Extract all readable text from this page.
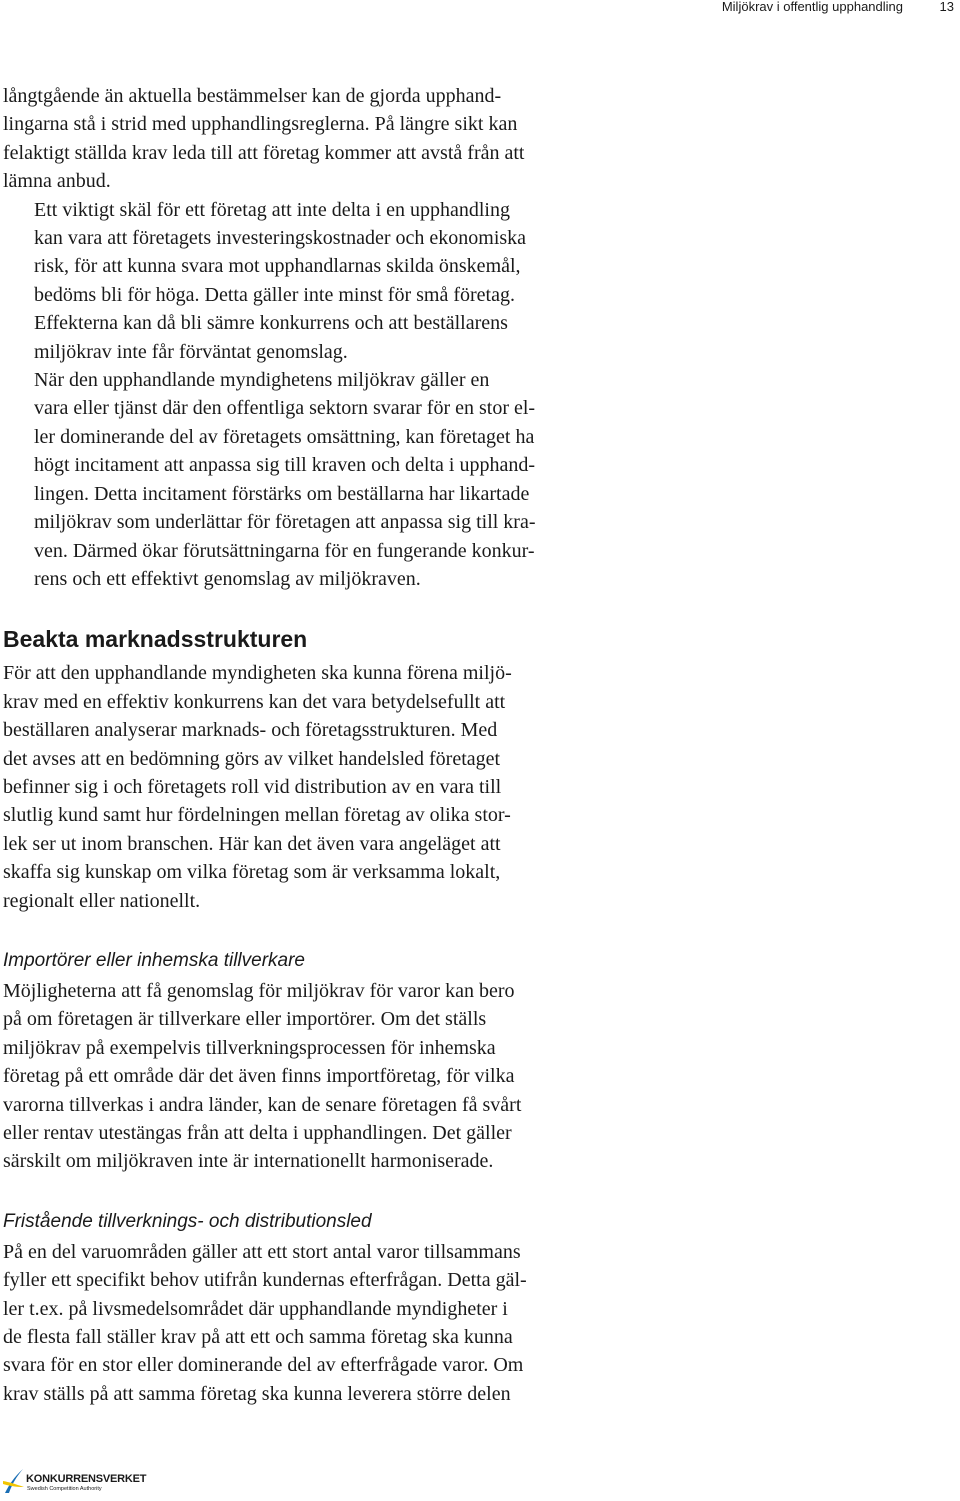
Miljökrav i offentlig upphandling	13

långtgående än aktuella bestämmelser kan de gjorda upphand-
lingarna stå i strid med upphandlingsreglerna. På längre sikt kan
felaktigt ställda krav leda till att företag kommer att avstå från att
lämna anbud.

Ett viktigt skäl för ett företag att inte delta i en upphandling
kan vara att företagets investeringskostnader och ekonomiska
risk, för att kunna svara mot upphandlarnas skilda önskemål,
bedöms bli för höga. Detta gäller inte minst för små företag.
Effekterna kan då bli sämre konkurrens och att beställarens
miljökrav inte får förväntat genomslag.

När den upphandlande myndighetens miljökrav gäller en
vara eller tjänst där den offentliga sektorn svarar för en stor el-
ler dominerande del av företagets omsättning, kan företaget ha
högt incitament att anpassa sig till kraven och delta i upphand-
lingen. Detta incitament förstärks om beställarna har likartade
miljökrav som underlättar för företagen att anpassa sig till kra-
ven. Därmed ökar förutsättningarna för en fungerande konkur-
rens och ett effektivt genomslag av miljökraven.

Beakta marknadsstrukturen

För att den upphandlande myndigheten ska kunna förena miljö-
krav med en effektiv konkurrens kan det vara betydelsefullt att
beställaren analyserar marknads- och företagsstrukturen. Med
det avses att en bedömning görs av vilket handelsled företaget
befinner sig i och företagets roll vid distribution av en vara till
slutlig kund samt hur fördelningen mellan företag av olika stor-
lek ser ut inom branschen. Här kan det även vara angeläget att
skaffa sig kunskap om vilka företag som är verksamma lokalt,
regionalt eller nationellt.

Importörer eller inhemska tillverkare

Möjligheterna att få genomslag för miljökrav för varor kan bero
på om företagen är tillverkare eller importörer. Om det ställs
miljökrav på exempelvis tillverkningsprocessen för inhemska
företag på ett område där det även finns importföretag, för vilka
varorna tillverkas i andra länder, kan de senare företagen få svårt
eller rentav utestängas från att delta i upphandlingen. Det gäller
särskilt om miljökraven inte är internationellt harmoniserade.

Fristående tillverknings- och distributionsled

På en del varuområden gäller att ett stort antal varor tillsammans
fyller ett specifikt behov utifrån kundernas efterfrågan. Detta gäl-
ler t.ex. på livsmedelsområdet där upphandlande myndigheter i
de flesta fall ställer krav på att ett och samma företag ska kunna
svara för en stor eller dominerande del av efterfrågade varor. Om
krav ställs på att samma företag ska kunna leverera större delen

KONKURRENSVERKET
Swedish Competition Authority
